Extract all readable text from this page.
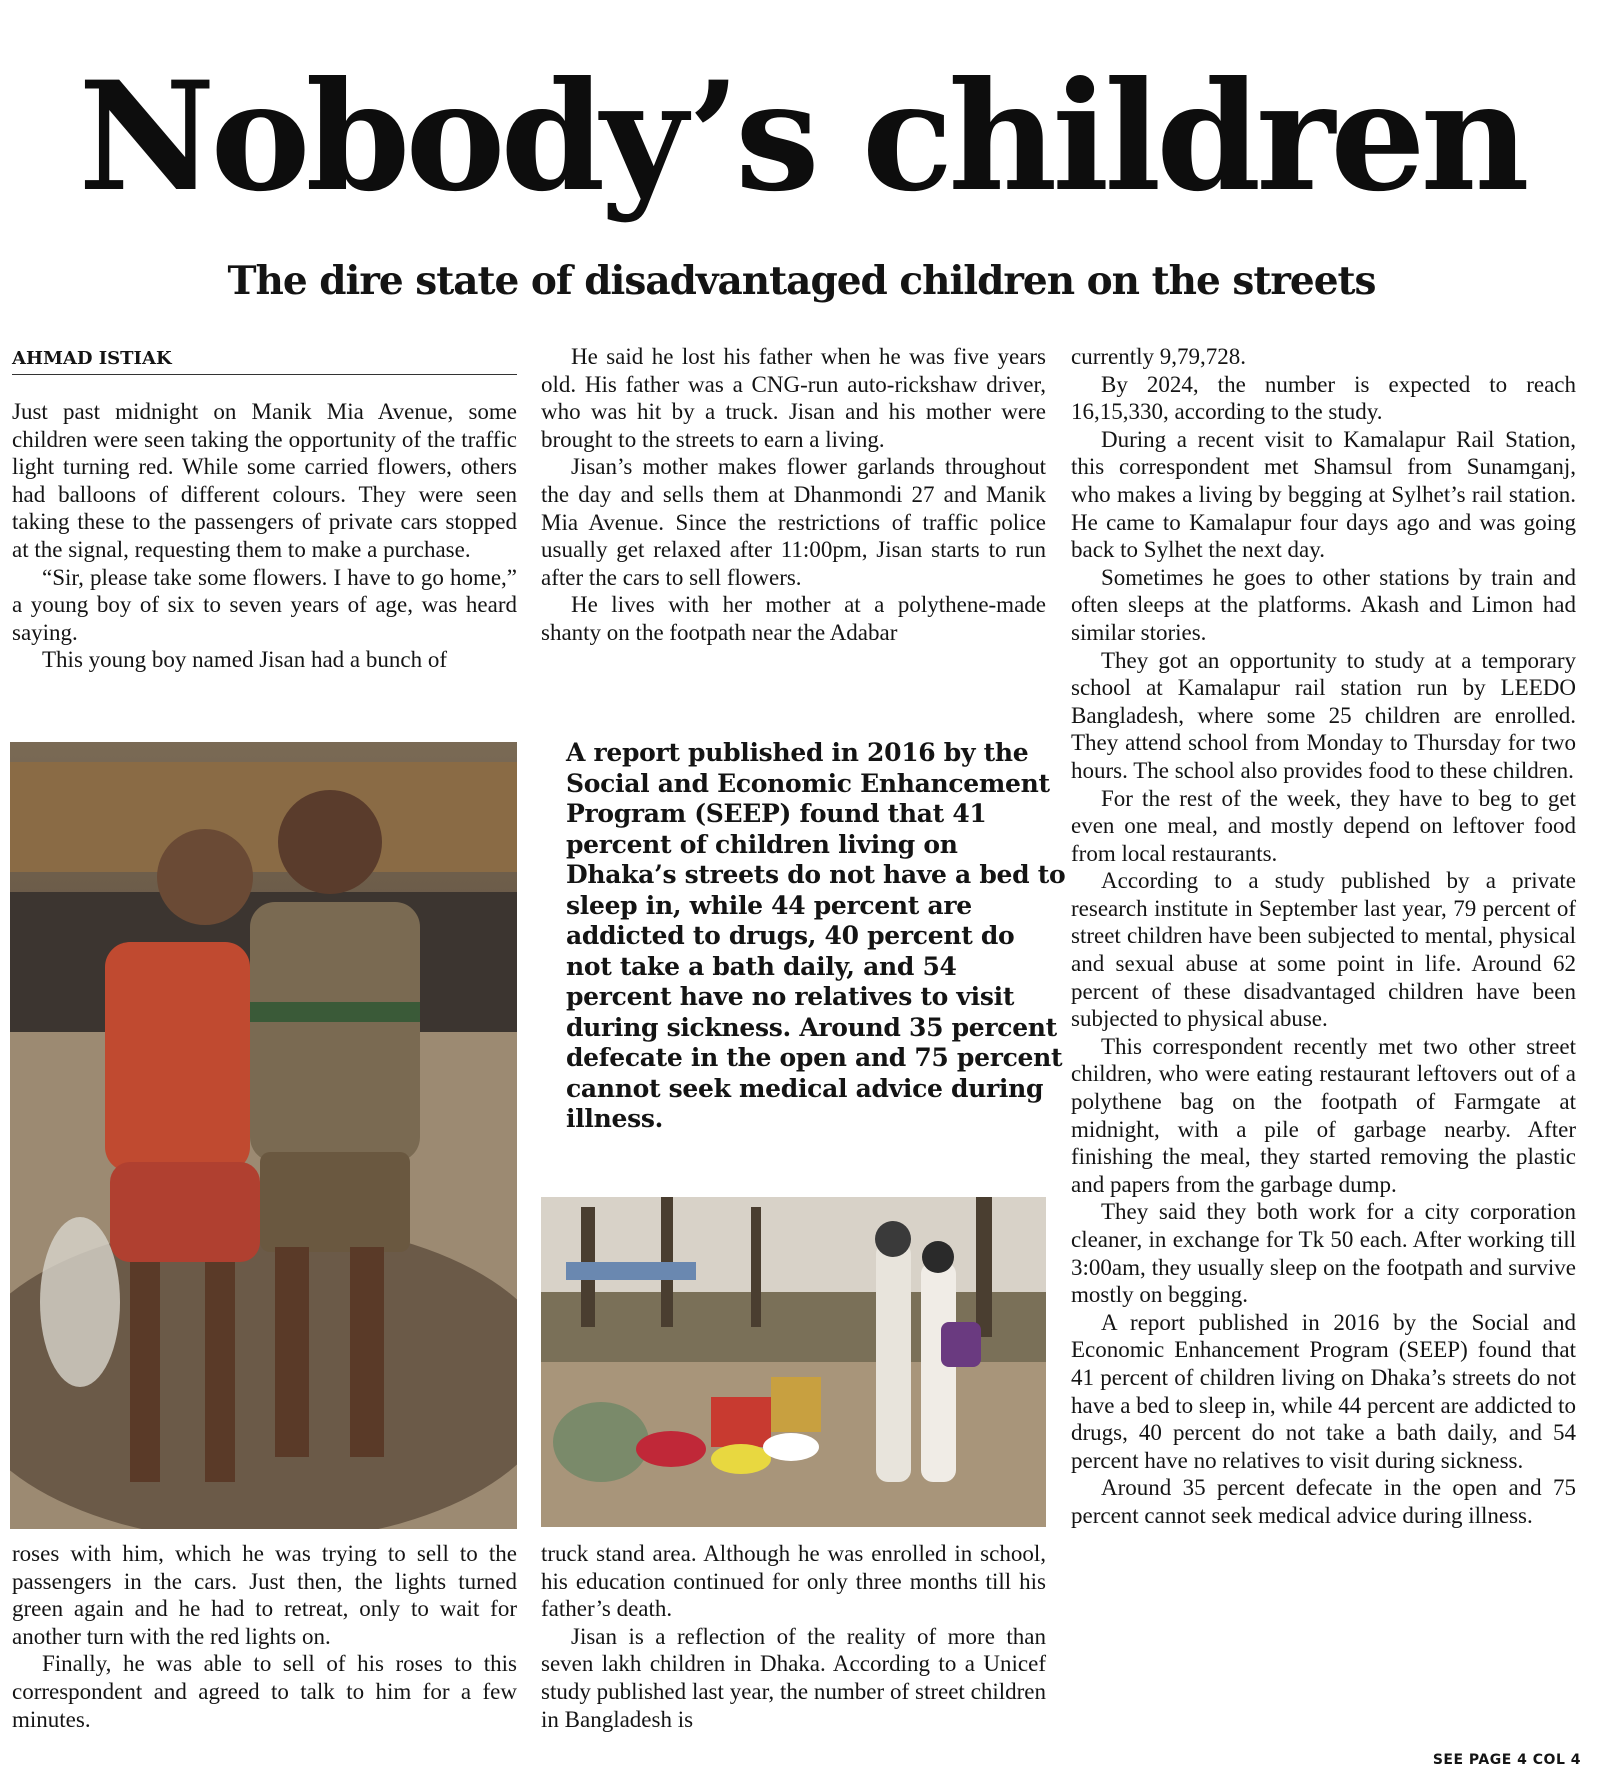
Nobody’s children
The dire state of disadvantaged children on the streets

AHMAD ISTIAK

Just past midnight on Manik Mia Avenue, some children were seen taking the opportunity of the traffic light turning red. While some carried flowers, others had balloons of different colours. They were seen taking these to the passengers of private cars stopped at the signal, requesting them to make a purchase.

“Sir, please take some flowers. I have to go home,” a young boy of six to seven years of age, was heard saying.

This young boy named Jisan had a bunch of

roses with him, which he was trying to sell to the passengers in the cars. Just then, the lights turned green again and he had to retreat, only to wait for another turn with the red lights on.

Finally, he was able to sell of his roses to this correspondent and agreed to talk to him for a few minutes.

He said he lost his father when he was five years old. His father was a CNG-run auto-rickshaw driver, who was hit by a truck. Jisan and his mother were brought to the streets to earn a living.

Jisan’s mother makes flower garlands throughout the day and sells them at Dhanmondi 27 and Manik Mia Avenue. Since the restrictions of traffic police usually get relaxed after 11:00pm, Jisan starts to run after the cars to sell flowers.

He lives with her mother at a polythene-made shanty on the footpath near the Adabar

A report published in 2016 by the Social and Economic Enhancement Program (SEEP) found that 41 percent of children living on Dhaka’s streets do not have a bed to sleep in, while 44 percent are addicted to drugs, 40 percent do not take a bath daily, and 54 percent have no relatives to visit during sickness. Around 35 percent defecate in the open and 75 percent cannot seek medical advice during illness.

truck stand area. Although he was enrolled in school, his education continued for only three months till his father’s death.

Jisan is a reflection of the reality of more than seven lakh children in Dhaka. According to a Unicef study published last year, the number of street children in Bangladesh is

currently 9,79,728.

By 2024, the number is expected to reach 16,15,330, according to the study.

During a recent visit to Kamalapur Rail Station, this correspondent met Shamsul from Sunamganj, who makes a living by begging at Sylhet’s rail station. He came to Kamalapur four days ago and was going back to Sylhet the next day.

Sometimes he goes to other stations by train and often sleeps at the platforms. Akash and Limon had similar stories.

They got an opportunity to study at a temporary school at Kamalapur rail station run by LEEDO Bangladesh, where some 25 children are enrolled. They attend school from Monday to Thursday for two hours. The school also provides food to these children.

For the rest of the week, they have to beg to get even one meal, and mostly depend on leftover food from local restaurants.

According to a study published by a private research institute in September last year, 79 percent of street children have been subjected to mental, physical and sexual abuse at some point in life. Around 62 percent of these disadvantaged children have been subjected to physical abuse.

This correspondent recently met two other street children, who were eating restaurant leftovers out of a polythene bag on the footpath of Farmgate at midnight, with a pile of garbage nearby. After finishing the meal, they started removing the plastic and papers from the garbage dump.

They said they both work for a city corporation cleaner, in exchange for Tk 50 each. After working till 3:00am, they usually sleep on the footpath and survive mostly on begging.

A report published in 2016 by the Social and Economic Enhancement Program (SEEP) found that 41 percent of children living on Dhaka’s streets do not have a bed to sleep in, while 44 percent are addicted to drugs, 40 percent do not take a bath daily, and 54 percent have no relatives to visit during sickness.

Around 35 percent defecate in the open and 75 percent cannot seek medical advice during illness.

SEE PAGE 4 COL 4
